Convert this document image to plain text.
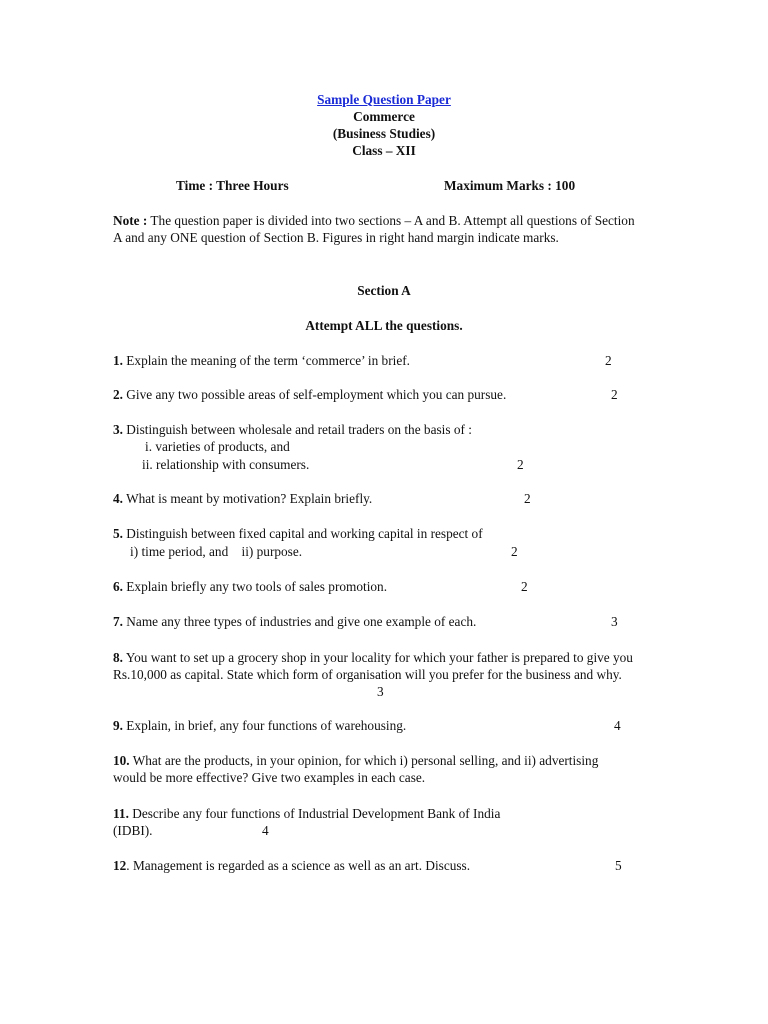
Sample Question Paper
Commerce
(Business Studies)
Class – XII
Time : Three Hours	Maximum Marks : 100
Note : The question paper is divided into two sections – A and B. Attempt all questions of Section A and any ONE question of Section B. Figures in right hand margin indicate marks.
Section A
Attempt ALL the questions.
1. Explain the meaning of the term ‘commerce’ in brief.	2
2. Give any two possible areas of self-employment which you can pursue.	2
3. Distinguish between wholesale and retail traders on the basis of :
i. varieties of products, and
ii. relationship with consumers.	2
4. What is meant by motivation? Explain briefly.	2
5. Distinguish between fixed capital and working capital in respect of
i) time period, and    ii) purpose.	2
6. Explain briefly any two tools of sales promotion.	2
7. Name any three types of industries and give one example of each.	3
8. You want to set up a grocery shop in your locality for which your father is prepared to give you Rs.10,000 as capital. State which form of organisation will you prefer for the business and why.
3
9. Explain, in brief, any four functions of warehousing.	4
10. What are the products, in your opinion, for which i) personal selling, and ii) advertising would be more effective? Give two examples in each case.
11. Describe any four functions of Industrial Development Bank of India
(IDBI).	4
12. Management is regarded as a science as well as an art. Discuss.	5
